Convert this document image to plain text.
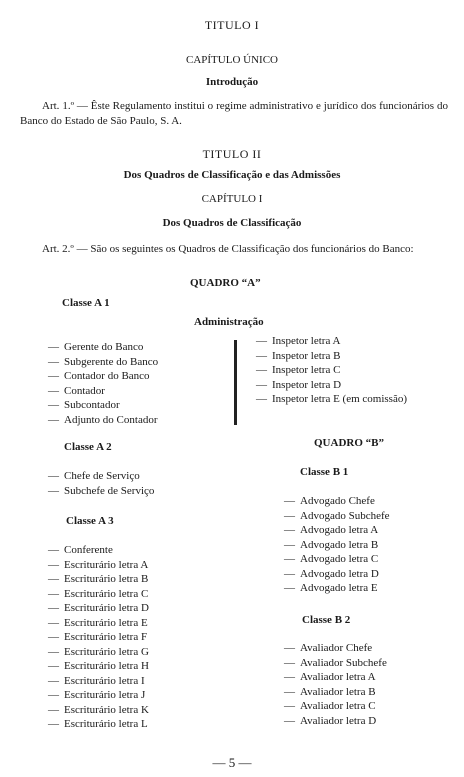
TITULO I
CAPÍTULO ÚNICO
Introdução
Art. 1.º — Êste Regulamento institui o regime administrativo e jurídico dos funcionários do Banco do Estado de São Paulo, S. A.
TITULO II
Dos Quadros de Classificação e das Admissões
CAPÍTULO I
Dos Quadros de Classificação
Art. 2.º — São os seguintes os Quadros de Classificação dos funcionários do Banco:
QUADRO “A”
Classe A 1
Administração
— Gerente do Banco
— Subgerente do Banco
— Contador do Banco
— Contador
— Subcontador
— Adjunto do Contador
— Inspetor letra A
— Inspetor letra B
— Inspetor letra C
— Inspetor letra D
— Inspetor letra E (em comissão)
Classe A 2
— Chefe de Serviço
— Subchefe de Serviço
Classe A 3
— Conferente
— Escriturário letra A
— Escriturário letra B
— Escriturário letra C
— Escriturário letra D
— Escriturário letra E
— Escriturário letra F
— Escriturário letra G
— Escriturário letra H
— Escriturário letra I
— Escriturário letra J
— Escriturário letra K
— Escriturário letra L
QUADRO “B”
Classe B 1
— Advogado Chefe
— Advogado Subchefe
— Advogado letra A
— Advogado letra B
— Advogado letra C
— Advogado letra D
— Advogado letra E
Classe B 2
— Avaliador Chefe
— Avaliador Subchefe
— Avaliador letra A
— Avaliador letra B
— Avaliador letra C
— Avaliador letra D
— 5 —
